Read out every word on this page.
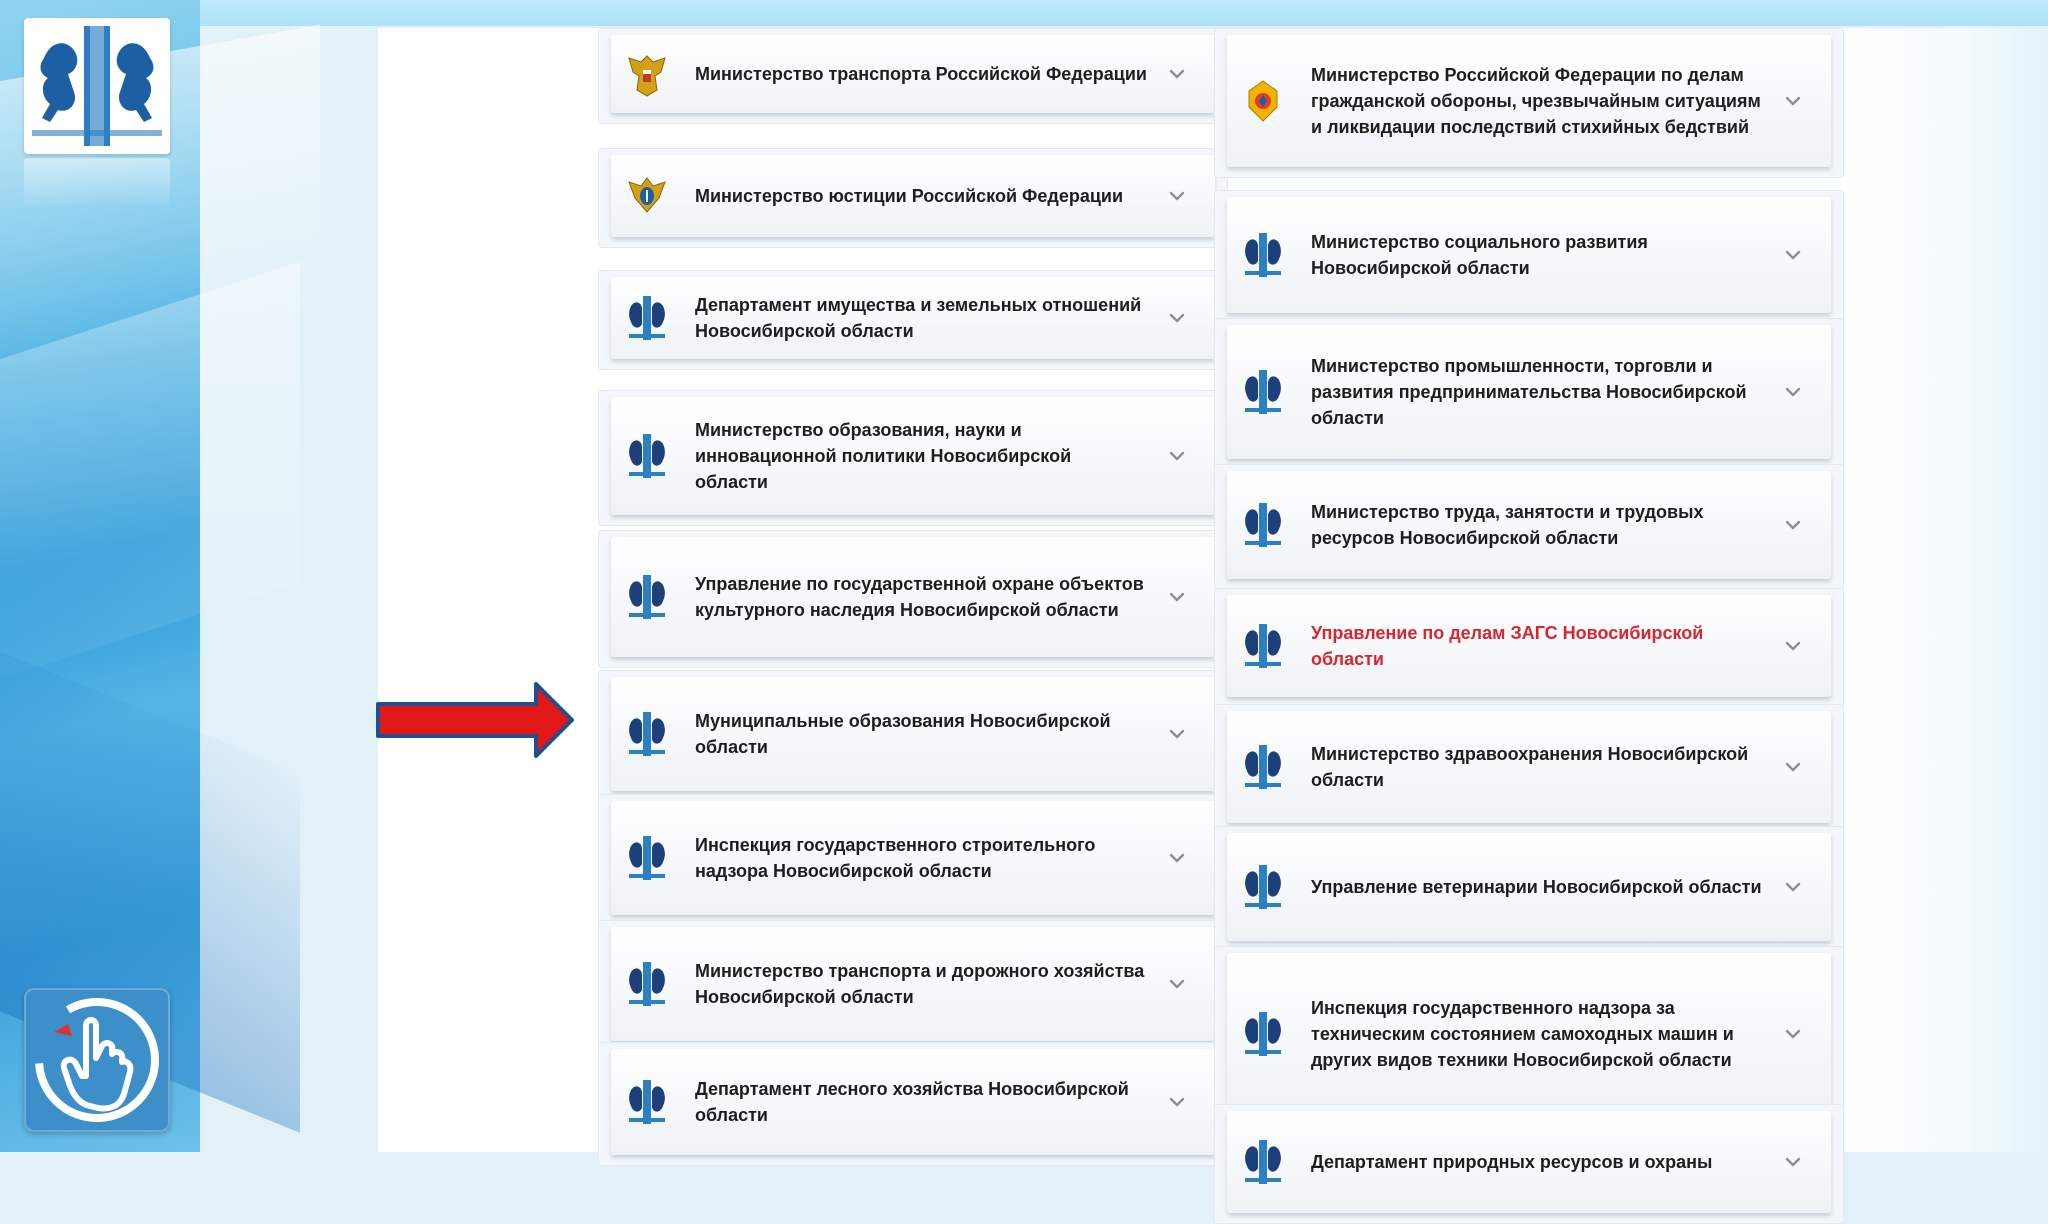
Министерство транспорта Российской Федерации
Министерство юстиции Российской Федерации
Департамент имущества и земельных отношений Новосибирской области
Министерство образования, науки и инновационной политики Новосибирской области
Управление по государственной охране объектов культурного наследия Новосибирской области
Муниципальные образования Новосибирской области
Инспекция государственного строительного надзора Новосибирской области
Министерство транспорта и дорожного хозяйства Новосибирской области
Департамент лесного хозяйства Новосибирской области
Министерство Российской Федерации по делам гражданской обороны, чрезвычайным ситуациям и ликвидации последствий стихийных бедствий
Министерство социального развития Новосибирской области
Министерство промышленности, торговли и развития предпринимательства Новосибирской области
Министерство труда, занятости и трудовых ресурсов Новосибирской области
Управление по делам ЗАГС Новосибирской области
Министерство здравоохранения Новосибирской области
Управление ветеринарии Новосибирской области
Инспекция государственного надзора за техническим состоянием самоходных машин и других видов техники Новосибирской области
Департамент природных ресурсов и охраны
